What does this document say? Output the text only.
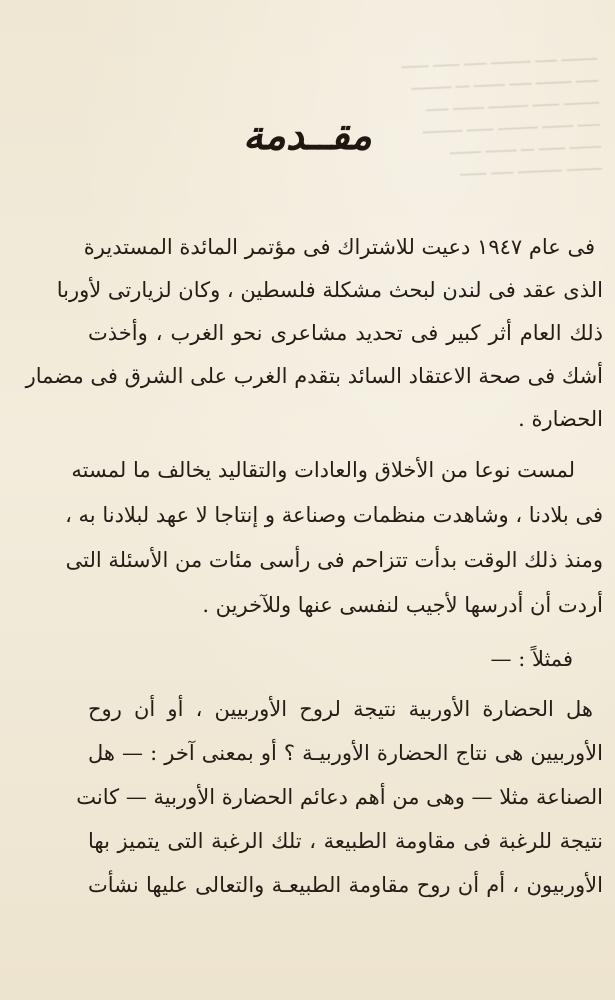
ــــــــ ـــــ ـــــــــ ـــــ ــــــ ــــــ
ـــــ ــــــــ ـــــ ـــــــ ـــ ـــــــــ
ــــــــ ــــــ ـــــــــ ـــــــ ـــــ
ـــــ ـــــــ ـــــــــ ــــــ ـــــــــ
ـــــــ ــــــ ـــ ـــــــ ـــــــ
ــــــــ ــــــــــ ـــــ ــــــ
مقــدمة
فى عام ١٩٤٧ دعيت للاشتراك فى مؤتمر المائدة المستديرة
الذى عقد فى لندن لبحث مشكلة فلسطين ، وكان لزيارتى لأوربا
ذلك العام أثر كبير فى تحديد مشاعرى نحو الغرب ، وأخذت
أشك فى صحة الاعتقاد السائد بتقدم الغرب على الشرق فى مضمار
الحضارة .
لمست نوعا من الأخلاق والعادات والتقاليد يخالف ما لمسته
فى بلادنا ، وشاهدت منظمات وصناعة و إنتاجا لا عهد لبلادنا به ،
ومنذ ذلك الوقت بدأت تتزاحم فى رأسى مئات من الأسئلة التى
أردت أن أدرسها لأجيب لنفسى عنها وللآخرين .
فمثلاً : —
هل الحضارة الأوربية نتيجة لروح الأوربيين ، أو أن روح
الأوربيين هى نتاج الحضارة الأوربيـة ؟ أو بمعنى آخر : — هل
الصناعة مثلا — وهى من أهم دعائم الحضارة الأوربية — كانت
نتيجة للرغبة فى مقاومة الطبيعة ، تلك الرغبة التى يتميز بها
الأوربيون ، أم أن روح مقاومة الطبيعـة والتعالى عليها نشأت
